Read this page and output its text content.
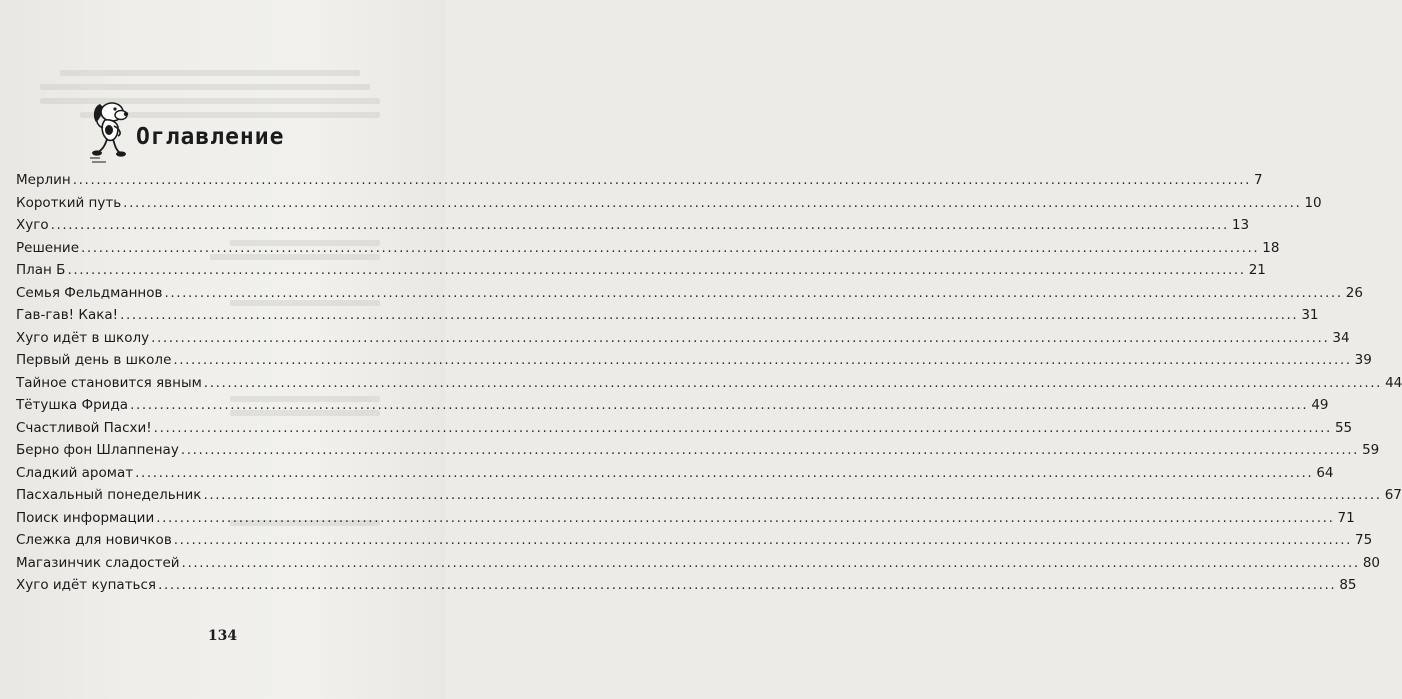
Оглавление
Мерлин ........................................................................................................................................................................................................ 7
Короткий путь ........................................................................................................................................................................................................ 10
Хуго ........................................................................................................................................................................................................ 13
Решение ........................................................................................................................................................................................................ 18
План Б ........................................................................................................................................................................................................ 21
Семья Фельдманнов ........................................................................................................................................................................................................ 26
Гав-гав! Кака! ........................................................................................................................................................................................................ 31
Хуго идёт в школу ........................................................................................................................................................................................................ 34
Первый день в школе ........................................................................................................................................................................................................ 39
Тайное становится явным ........................................................................................................................................................................................................ 44
Тётушка Фрида ........................................................................................................................................................................................................ 49
Счастливой Пасхи! ........................................................................................................................................................................................................ 55
Берно фон Шлаппенау ........................................................................................................................................................................................................ 59
Сладкий аромат ........................................................................................................................................................................................................ 64
Пасхальный понедельник ........................................................................................................................................................................................................ 67
Поиск информации ........................................................................................................................................................................................................ 71
Слежка для новичков ........................................................................................................................................................................................................ 75
Магазинчик сладостей ........................................................................................................................................................................................................ 80
Хуго идёт купаться ........................................................................................................................................................................................................ 85
134
